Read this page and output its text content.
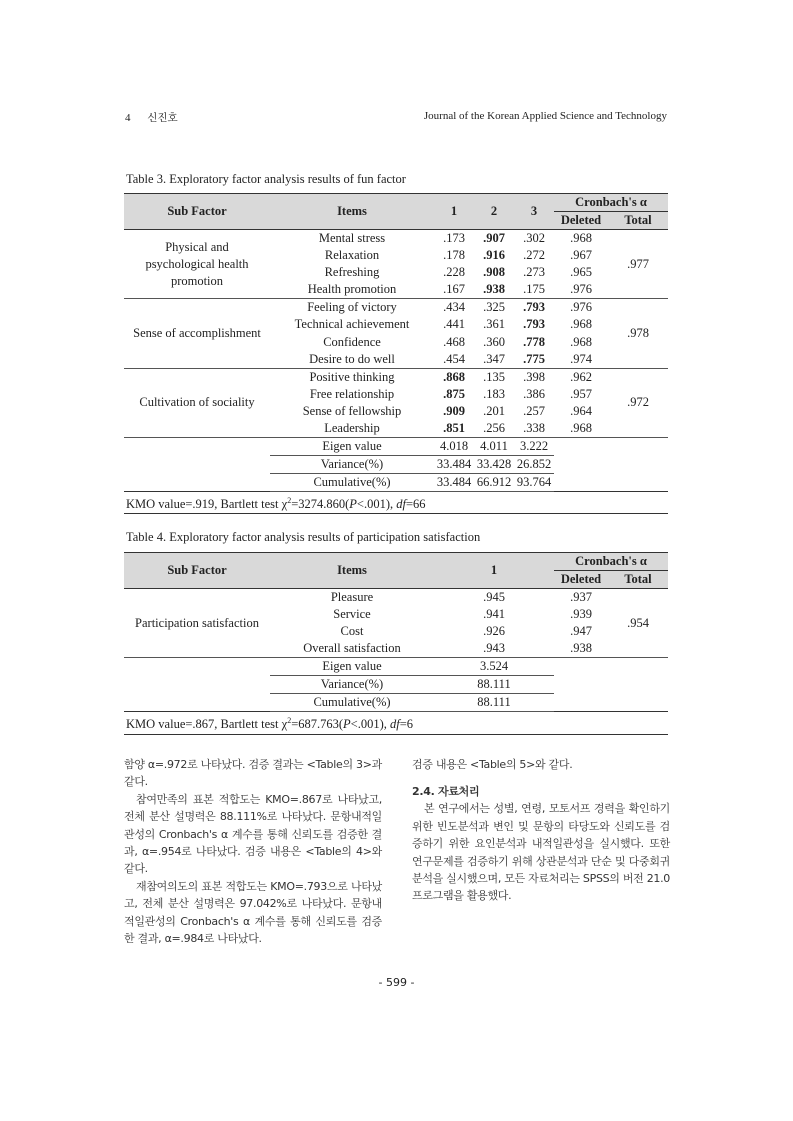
4 신진호	Journal of the Korean Applied Science and Technology
Table 3. Exploratory factor analysis results of fun factor
Sub Factor	Items	1	2	3	Cronbach's α	
					Deleted	Total

Physical and
psychological health
promotion	Mental stress	.173	.907	.302	.968	.977
	Relaxation	.178	.916	.272	.967	
	Refreshing	.228	.908	.273	.965	
	Health promotion	.167	.938	.175	.976	
Sense of accomplishment	Feeling of victory	.434	.325	.793	.976	.978
	Technical achievement	.441	.361	.793	.968	
	Confidence	.468	.360	.778	.968	
	Desire to do well	.454	.347	.775	.974	
Cultivation of sociality	Positive thinking	.868	.135	.398	.962	.972
	Free relationship	.875	.183	.386	.957	
	Sense of fellowship	.909	.201	.257	.964	
	Leadership	.851	.256	.338	.968	
	Eigen value	4.018	4.011	3.222		
	Variance(%)	33.484	33.428	26.852		
	Cumulative(%)	33.484	66.912	93.764		
KMO value=.919, Bartlett test $\chi^2=3274.860(P<.001)$, df=66						
Table 4. Exploratory factor analysis results of participation satisfaction
Sub Factor	Items	1	Cronbach's α	
			Deleted	Total
Participation satisfaction	Pleasure	.945	.937	.954
	Service	.941	.939	
	Cost	.926	.947	
	Overall satisfaction	.943	.938	
	Eigen value	3.524		
	Variance(%)	88.111		
	Cumulative(%)	88.111		
KMO value=.867, Bartlett test $\chi^2=687.763(P<.001)$, df=6				

함양 α=.972로 나타났다. 검증 결과는 <Table의 3>과 같다.

참여만족의 표본 적합도는 KMO=.867로 나타났고, 전체 분산 설명력은 88.111%로 나타났다. 문항내적일관성의 Cronbach's α 계수를 통해 신뢰도를 검증한 결과, α=.954로 나타났다. 검증 내용은 <Table의 4>와 같다.

재참여의도의 표본 적합도는 KMO=.793으로 나타났고, 전체 분산 설명력은 97.042%로 나타났다. 문항내적일관성의 Cronbach's α 계수를 통해 신뢰도를 검증한 결과, α=.984로 나타났다.

검증 내용은 <Table의 5>와 같다.

2.4. 자료처리

본 연구에서는 성별, 연령, 모토서프 경력을 확인하기 위한 빈도분석과 변인 및 문항의 타당도와 신뢰도를 검증하기 위한 요인분석과 내적일관성을 실시했다. 또한 연구문제를 검증하기 위해 상관분석과 단순 및 다중회귀분석을 실시했으며, 모든 자료처리는 SPSS의 버전 21.0 프로그램을 활용했다.

- 599 -
